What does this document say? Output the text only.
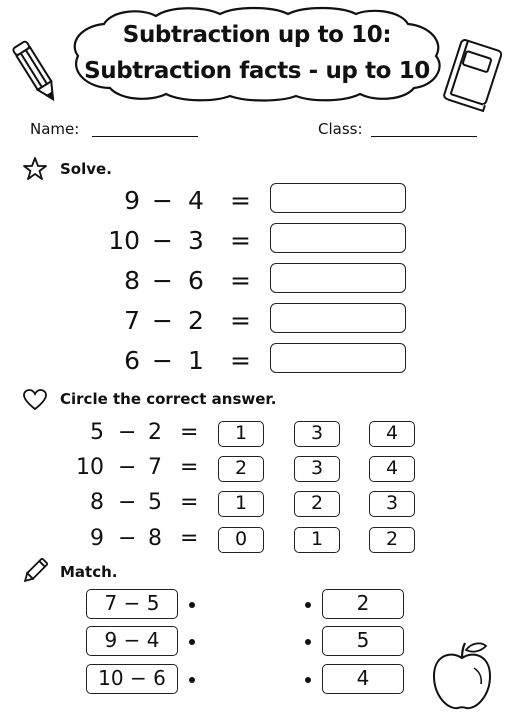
Subtraction up to 10:
Subtraction facts - up to 10
Name:	Class:
Solve.
9 − 4 =
10 − 3 =
8 − 6 =
7 − 2 =
6 − 1 =
Circle the correct answer.
5 − 2 =	1	3	4
10 − 7 =	2	3	4
8 − 5 =	1	2	3
9 − 8 =	0	1	2
Match.
7 − 5
9 − 4
10 − 6
2
5
4
